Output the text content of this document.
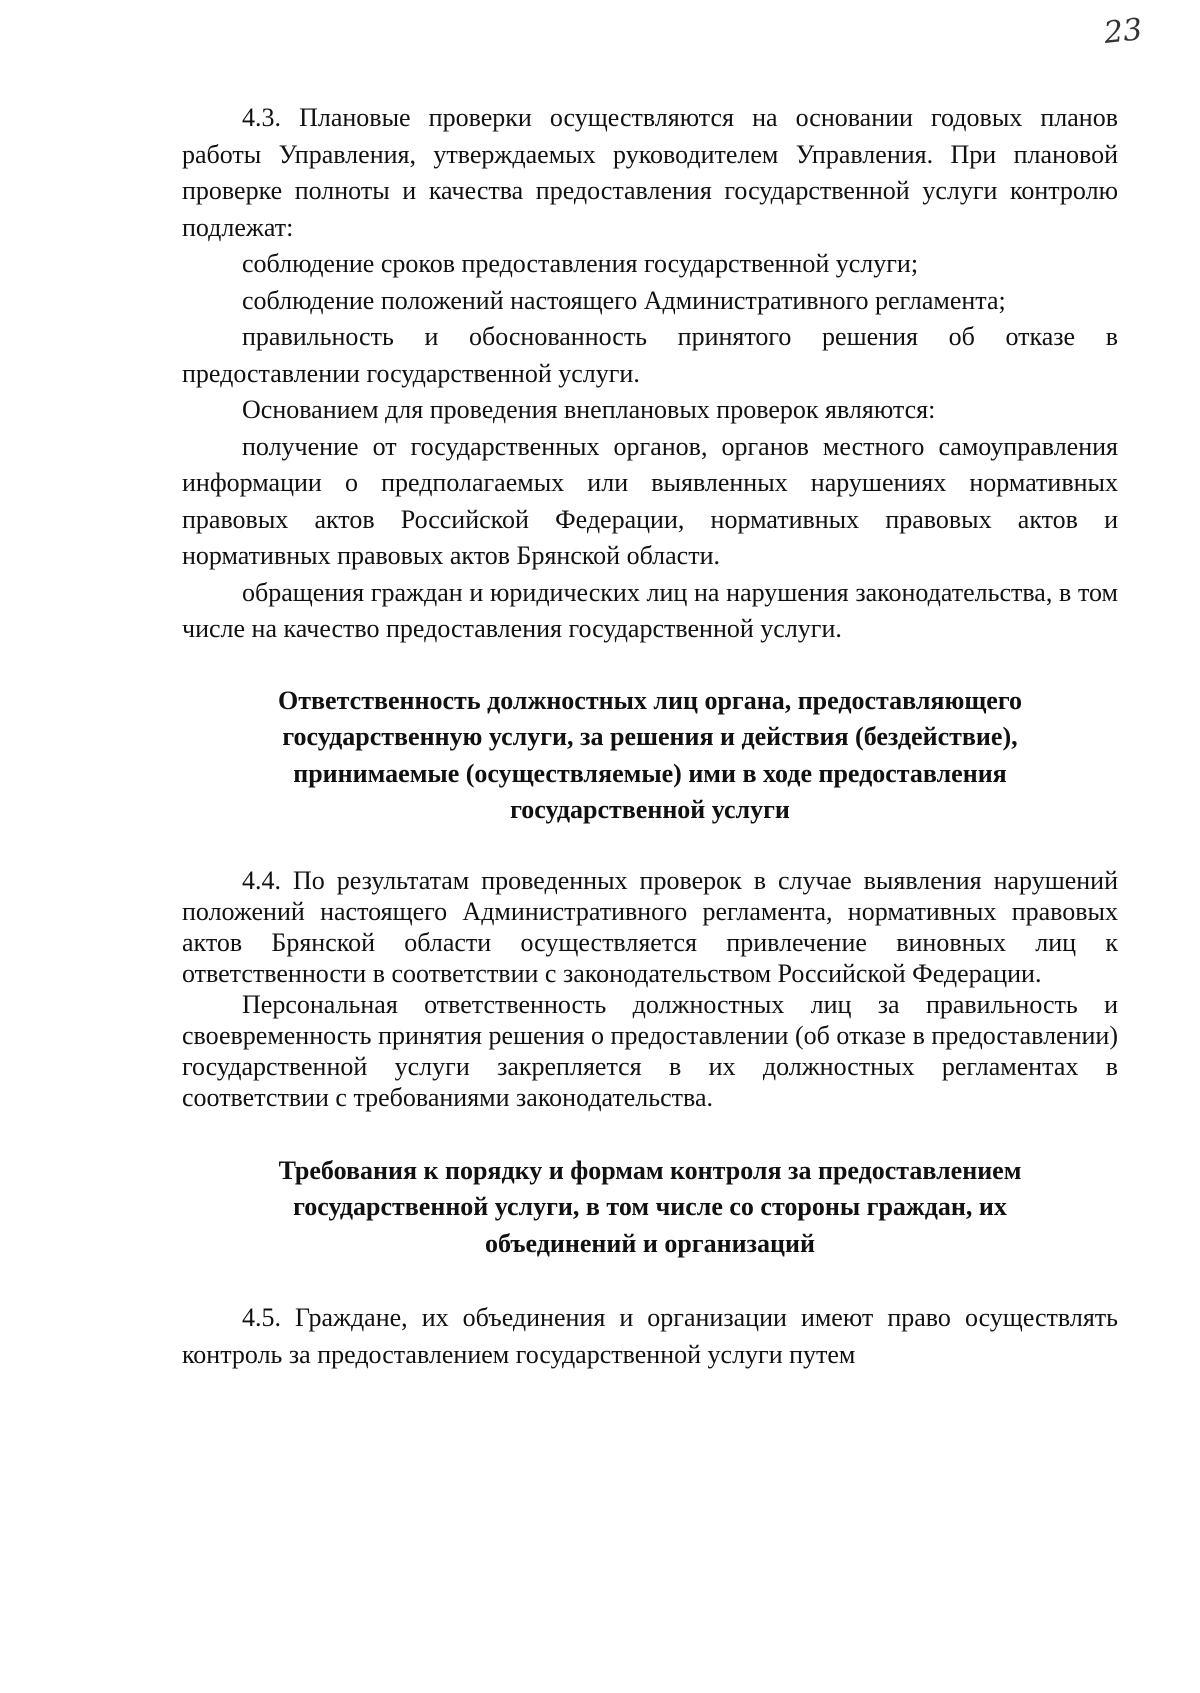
23

4.3. Плановые проверки осуществляются на основании годовых планов работы Управления, утверждаемых руководителем Управления. При плановой проверке полноты и качества предоставления государственной услуги контролю подлежат:

соблюдение сроков предоставления государственной услуги;

соблюдение положений настоящего Административного регламента;

правильность и обоснованность принятого решения об отказе в предоставлении государственной услуги.

Основанием для проведения внеплановых проверок являются:

получение от государственных органов, органов местного самоуправления информации о предполагаемых или выявленных нарушениях нормативных правовых актов Российской Федерации, нормативных правовых актов и нормативных правовых актов Брянской области.

обращения граждан и юридических лиц на нарушения законодательства, в том числе на качество предоставления государственной услуги.

Ответственность должностных лиц органа, предоставляющего

государственную услуги, за решения и действия (бездействие),

принимаемые (осуществляемые) ими в ходе предоставления

государственной услуги

4.4. По результатам проведенных проверок в случае выявления нарушений положений настоящего Административного регламента, нормативных правовых актов Брянской области осуществляется привлечение виновных лиц к ответственности в соответствии с законодательством Российской Федерации.

Персональная ответственность должностных лиц за правильность и своевременность принятия решения о предоставлении (об отказе в предоставлении) государственной услуги закрепляется в их должностных регламентах в соответствии с требованиями законодательства.

Требования к порядку и формам контроля за предоставлением

государственной услуги, в том числе со стороны граждан, их

объединений и организаций

4.5. Граждане, их объединения и организации имеют право осуществлять контроль за предоставлением государственной услуги путем
